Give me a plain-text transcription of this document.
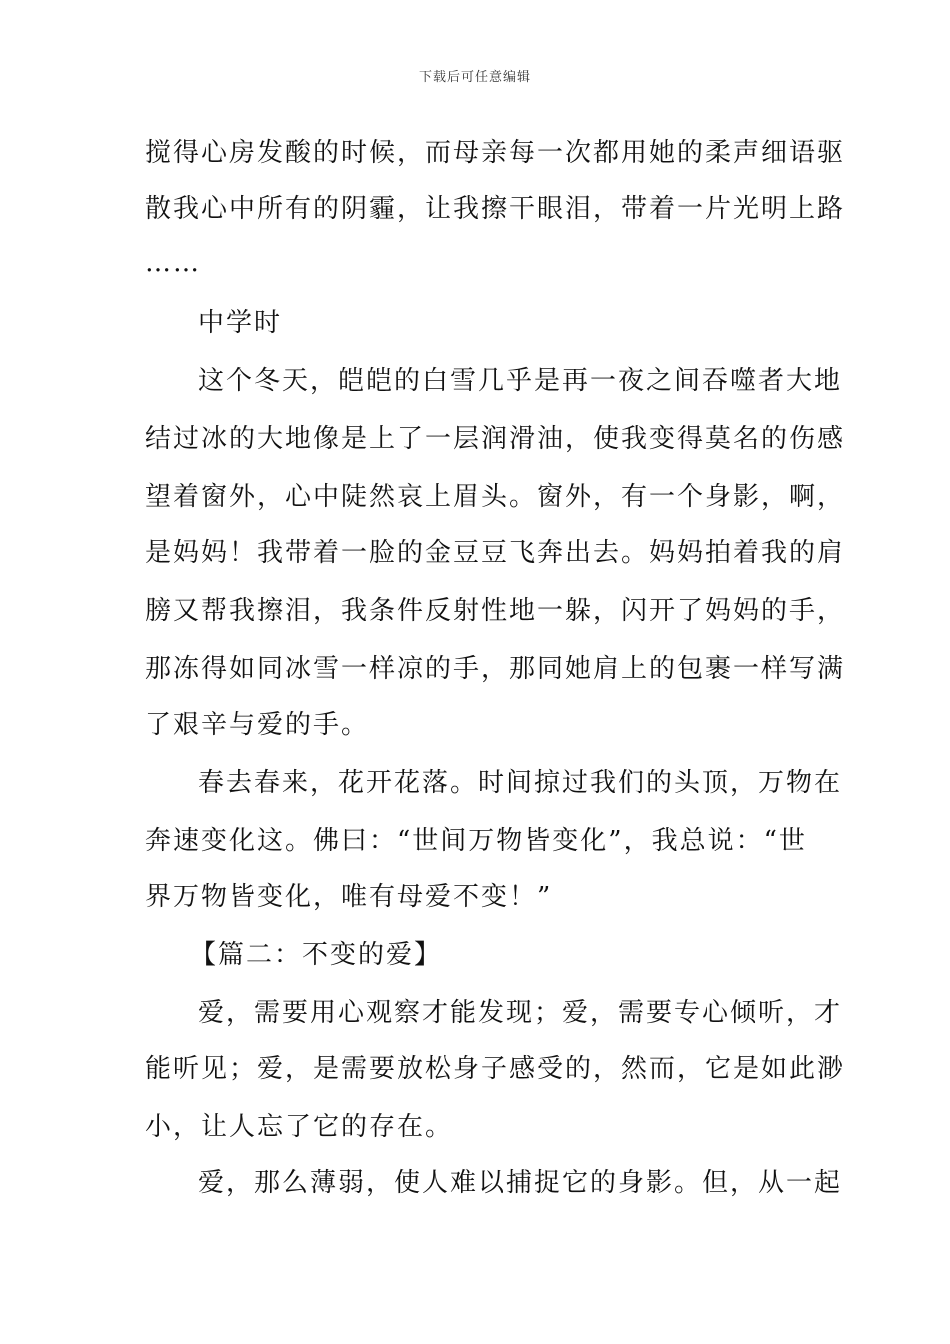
下载后可任意编辑
搅得心房发酸的时候，而母亲每一次都用她的柔声细语驱
散我心中所有的阴霾，让我擦干眼泪，带着一片光明上路
……
中学时
这个冬天，皑皑的白雪几乎是再一夜之间吞噬者大地
结过冰的大地像是上了一层润滑油，使我变得莫名的伤感
望着窗外，心中陡然哀上眉头。窗外，有一个身影，啊，
是妈妈！我带着一脸的金豆豆飞奔出去。妈妈拍着我的肩
膀又帮我擦泪，我条件反射性地一躲，闪开了妈妈的手，
那冻得如同冰雪一样凉的手，那同她肩上的包裹一样写满
了艰辛与爱的手。
春去春来，花开花落。时间掠过我们的头顶，万物在
奔速变化这。佛曰：“世间万物皆变化”，我总说：“世
界万物皆变化，唯有母爱不变！”
【篇二：不变的爱】
爱，需要用心观察才能发现；爱，需要专心倾听，才
能听见；爱，是需要放松身子感受的，然而，它是如此渺
小，让人忘了它的存在。
爱，那么薄弱，使人难以捕捉它的身影。但，从一起
